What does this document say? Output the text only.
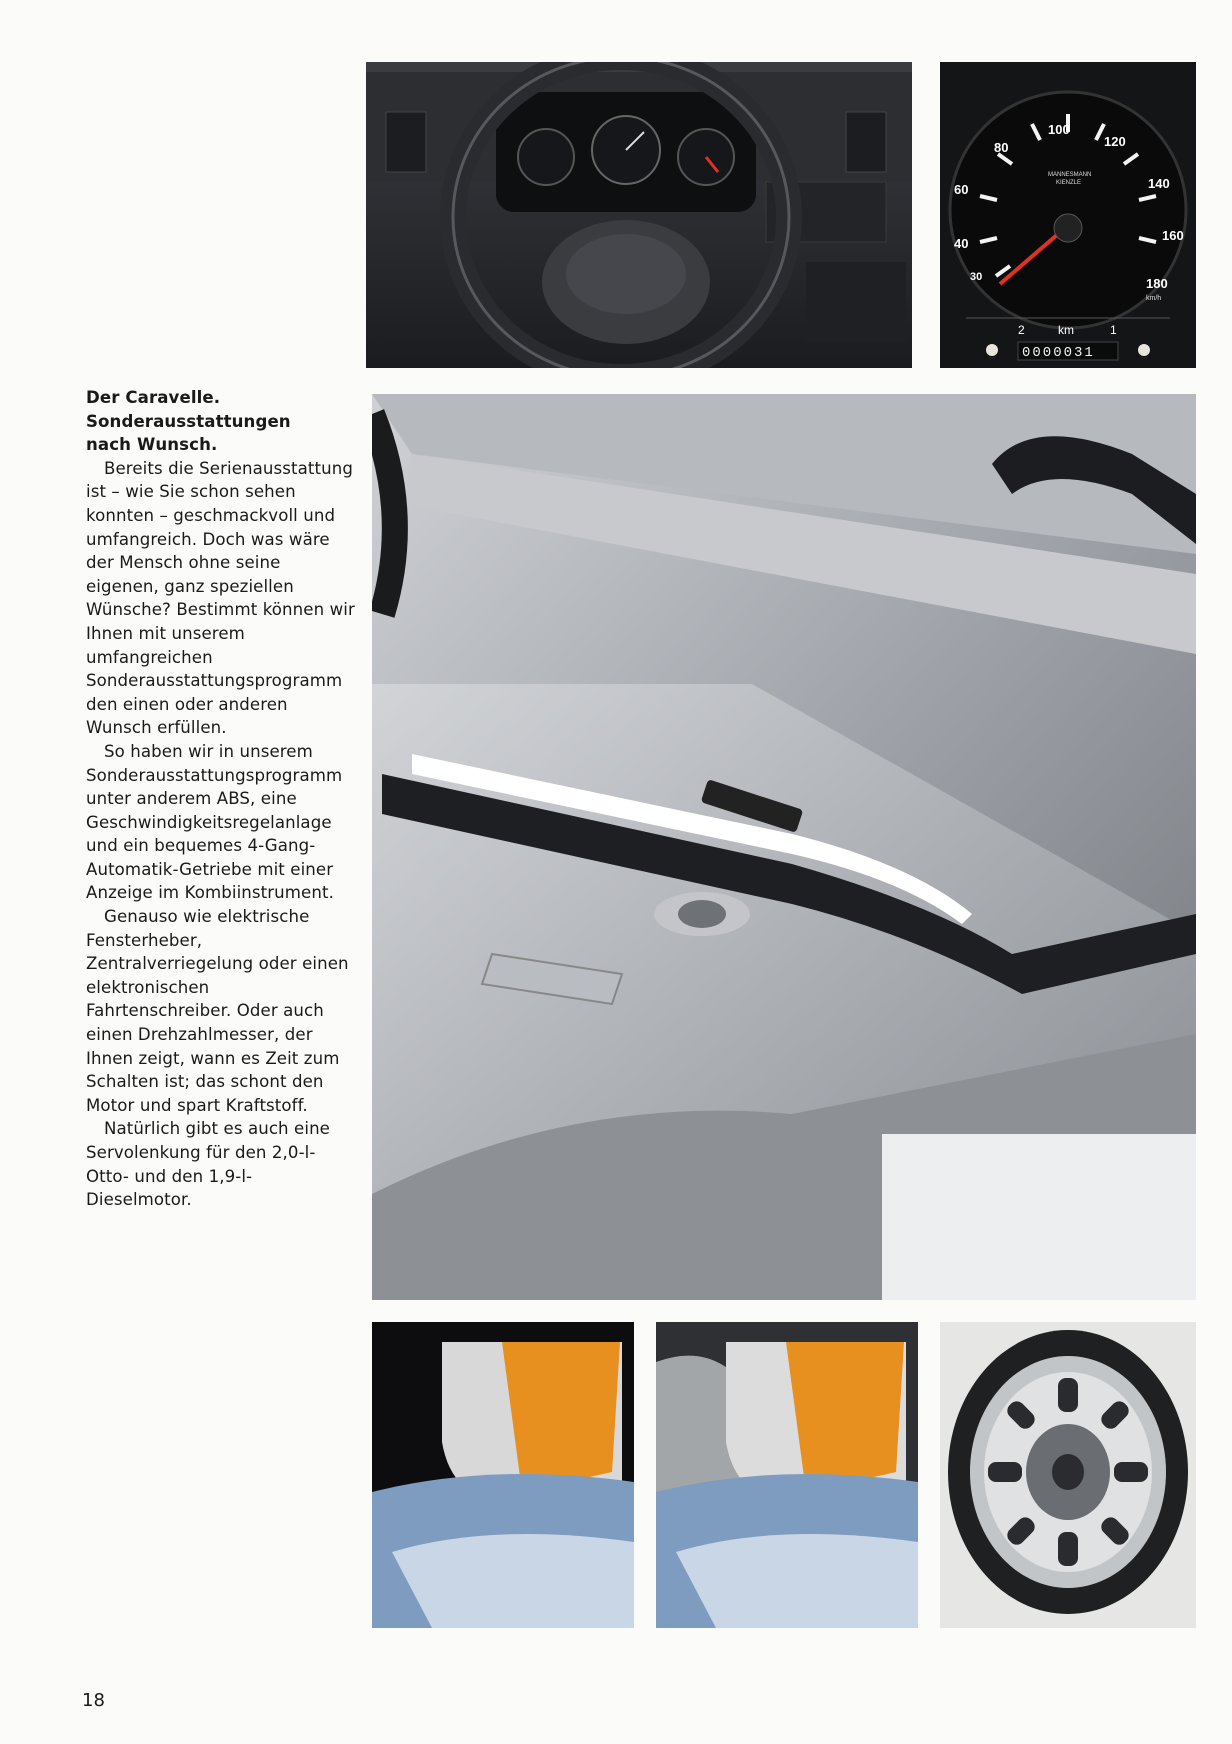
30
40
60
80
100
120
140
160
180
MANNESMANN
KIENZLE
km/h
2	km	1
0000031

Der Caravelle.
Sonderausstattungen
nach Wunsch.

Bereits die Serienausstattung ist – wie Sie schon sehen konnten – geschmackvoll und umfangreich. Doch was wäre der Mensch ohne seine eigenen, ganz speziellen Wünsche? Bestimmt können wir Ihnen mit unserem umfangreichen Sonderausstattungsprogramm den einen oder anderen Wunsch erfüllen.

So haben wir in unserem Sonderausstattungsprogramm unter anderem ABS, eine Geschwindigkeitsregelanlage und ein bequemes 4-Gang-Automatik-Getriebe mit einer Anzeige im Kombiinstrument.

Genauso wie elektrische Fensterheber, Zentralverriegelung oder einen elektronischen Fahrtenschreiber. Oder auch einen Drehzahlmesser, der Ihnen zeigt, wann es Zeit zum Schalten ist; das schont den Motor und spart Kraftstoff.

Natürlich gibt es auch eine Servolenkung für den 2,0-l-Otto- und den 1,9-l-Dieselmotor.

18
